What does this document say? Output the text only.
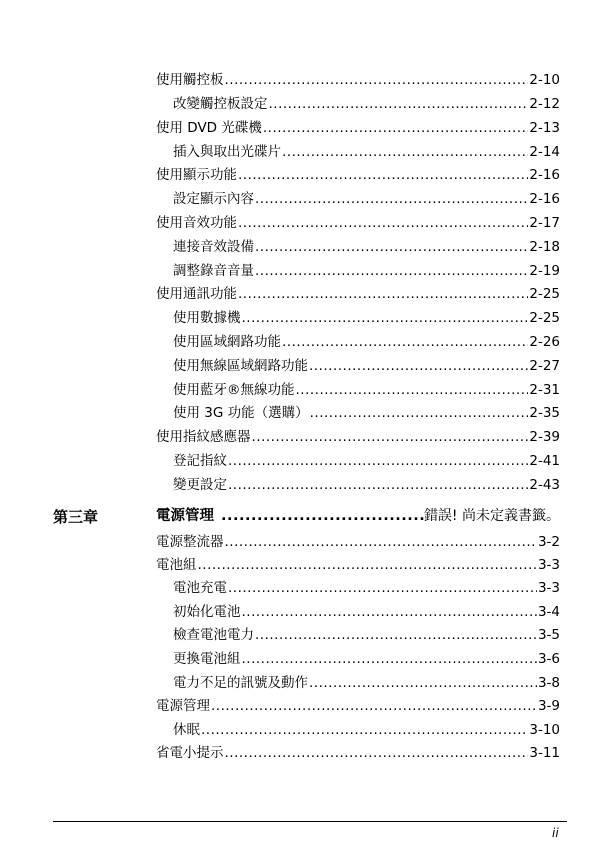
使用觸控板 .....	2-10
改變觸控板設定 .....	2-12
使用 DVD 光碟機 .....	2-13
插入與取出光碟片 .....	2-14
使用顯示功能 .....	2-16
設定顯示內容 .....	2-16
使用音效功能 .....	2-17
連接音效設備 .....	2-18
調整錄音音量 .....	2-19
使用通訊功能 .....	2-25
使用數據機 .....	2-25
使用區域網路功能 .....	2-26
使用無線區域網路功能 .....	2-27
使用藍牙®無線功能 .....	2-31
使用 3G 功能（選購） .....	2-35
使用指紋感應器 .....	2-39
登記指紋 .....	2-41
變更設定 .....	2-43
第三章	電源管理 .....	錯誤! 尚未定義書籤。
電源整流器 .....	3-2
電池組 .....	3-3
電池充電 .....	3-3
初始化電池 .....	3-4
檢查電池電力 .....	3-5
更換電池組 .....	3-6
電力不足的訊號及動作 .....	3-8
電源管理 .....	3-9
休眠 .....	3-10
省電小提示 .....	3-11
ii
